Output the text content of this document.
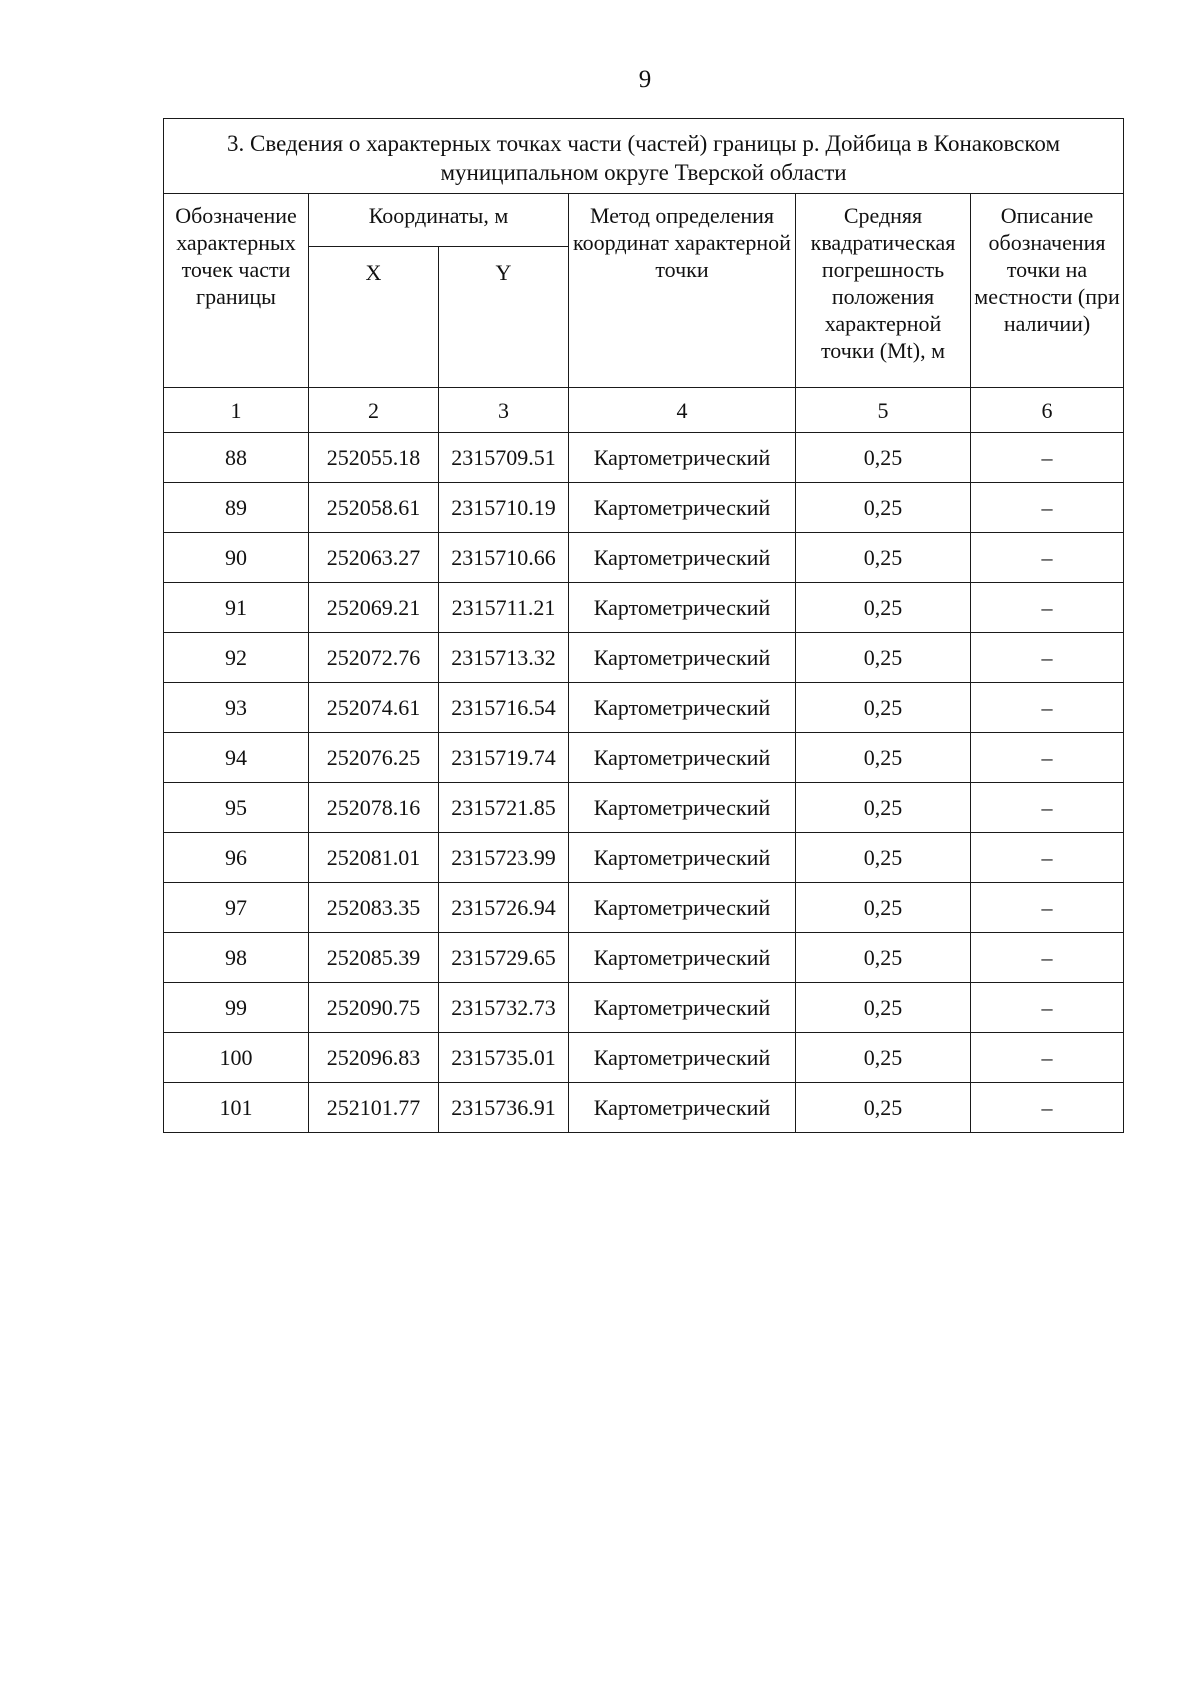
9
3. Сведения о характерных точках части (частей) границы р. Дойбица в Конаковском муниципальном округе Тверской области					
Обозначение характерных точек части границы	Координаты, м		Метод определения координат характерной точки	Средняя квадратическая погрешность положения характерной точки (Mt), м	Описание обозначения точки на местности (при наличии)
	X	Y			
1	2	3	4	5	6
88	252055.18	2315709.51	Картометрический	0,25	–
89	252058.61	2315710.19	Картометрический	0,25	–
90	252063.27	2315710.66	Картометрический	0,25	–
91	252069.21	2315711.21	Картометрический	0,25	–
92	252072.76	2315713.32	Картометрический	0,25	–
93	252074.61	2315716.54	Картометрический	0,25	–
94	252076.25	2315719.74	Картометрический	0,25	–
95	252078.16	2315721.85	Картометрический	0,25	–
96	252081.01	2315723.99	Картометрический	0,25	–
97	252083.35	2315726.94	Картометрический	0,25	–
98	252085.39	2315729.65	Картометрический	0,25	–
99	252090.75	2315732.73	Картометрический	0,25	–
100	252096.83	2315735.01	Картометрический	0,25	–
101	252101.77	2315736.91	Картометрический	0,25	–
